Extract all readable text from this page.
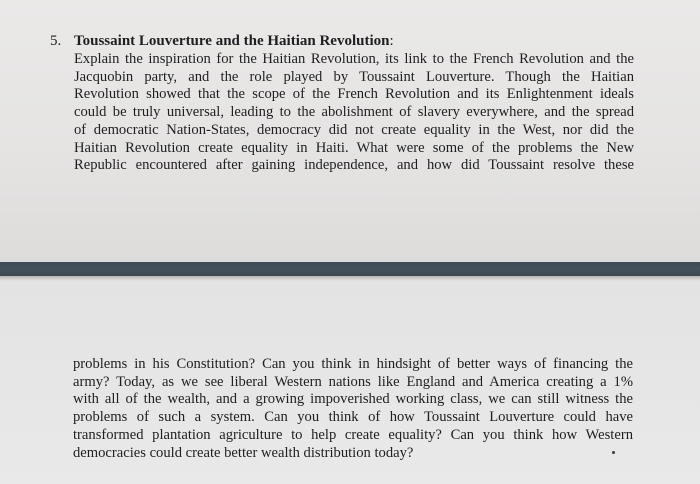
5. Toussaint Louverture and the Haitian Revolution:
Explain the inspiration for the Haitian Revolution, its link to the French Revolution and the
Jacquobin party, and the role played by Toussaint Louverture. Though the Haitian
Revolution showed that the scope of the French Revolution and its Enlightenment ideals
could be truly universal, leading to the abolishment of slavery everywhere, and the spread
of democratic Nation-States, democracy did not create equality in the West, nor did the
Haitian Revolution create equality in Haiti. What were some of the problems the New
Republic encountered after gaining independence, and how did Toussaint resolve these
problems in his Constitution? Can you think in hindsight of better ways of financing the
army? Today, as we see liberal Western nations like England and America creating a 1%
with all of the wealth, and a growing impoverished working class, we can still witness the
problems of such a system. Can you think of how Toussaint Louverture could have
transformed plantation agriculture to help create equality? Can you think how Western
democracies could create better wealth distribution today?
